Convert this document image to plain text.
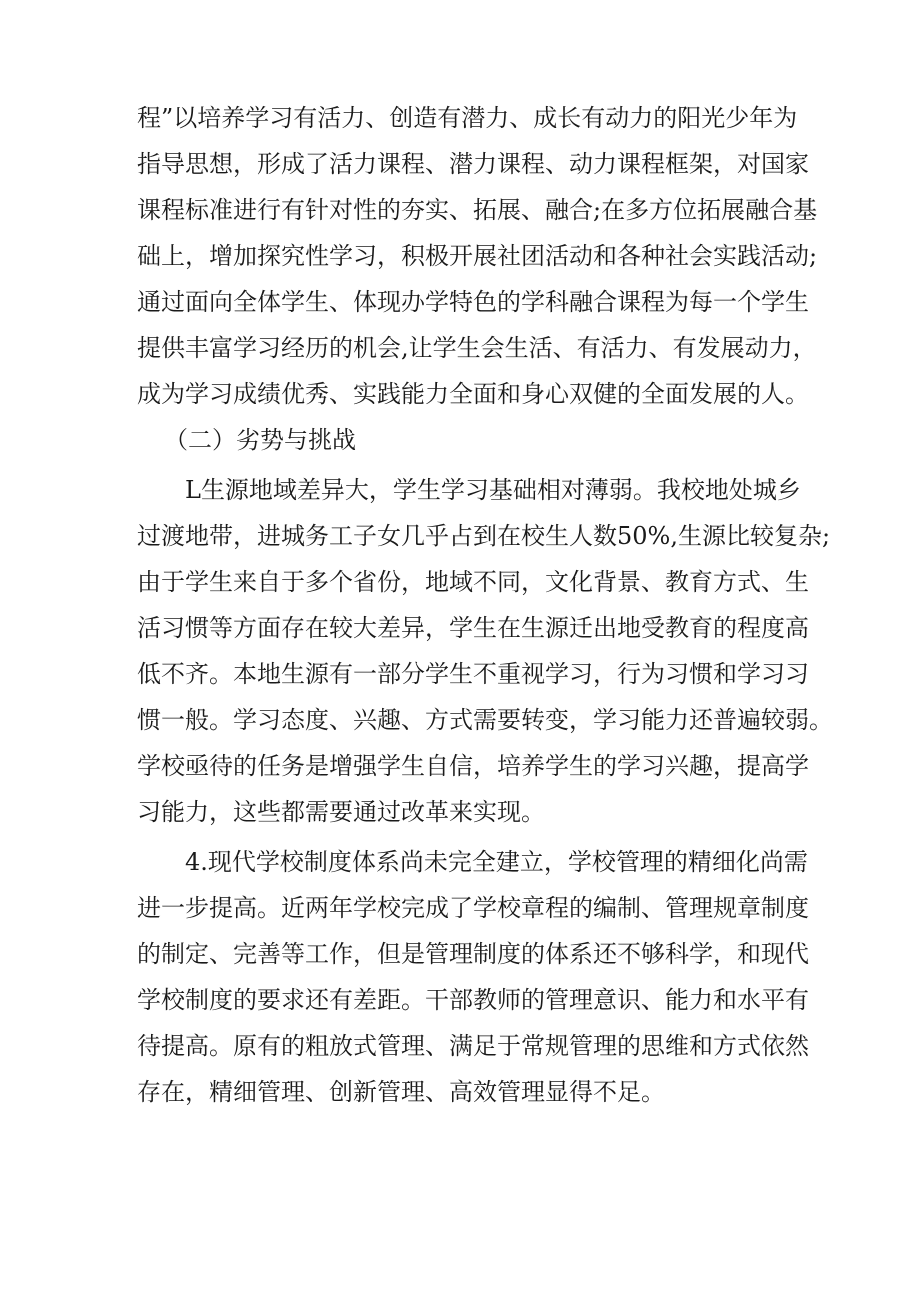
程”以培养学习有活力、创造有潜力、成长有动力的阳光少年为
指导思想，形成了活力课程、潜力课程、动力课程框架，对国家
课程标准进行有针对性的夯实、拓展、融合;在多方位拓展融合基
础上，增加探究性学习，积极开展社团活动和各种社会实践活动;
通过面向全体学生、体现办学特色的学科融合课程为每一个学生
提供丰富学习经历的机会,让学生会生活、有活力、有发展动力，
成为学习成绩优秀、实践能力全面和身心双健的全面发展的人。
（二）劣势与挑战
L生源地域差异大，学生学习基础相对薄弱。我校地处城乡
过渡地带，进城务工子女几乎占到在校生人数50%,生源比较复杂;
由于学生来自于多个省份，地域不同，文化背景、教育方式、生
活习惯等方面存在较大差异，学生在生源迁出地受教育的程度高
低不齐。本地生源有一部分学生不重视学习，行为习惯和学习习
惯一般。学习态度、兴趣、方式需要转变，学习能力还普遍较弱。
学校亟待的任务是增强学生自信，培养学生的学习兴趣，提高学
习能力，这些都需要通过改革来实现。
4.现代学校制度体系尚未完全建立，学校管理的精细化尚需
进一步提高。近两年学校完成了学校章程的编制、管理规章制度
的制定、完善等工作，但是管理制度的体系还不够科学，和现代
学校制度的要求还有差距。干部教师的管理意识、能力和水平有
待提高。原有的粗放式管理、满足于常规管理的思维和方式依然
存在，精细管理、创新管理、高效管理显得不足。
